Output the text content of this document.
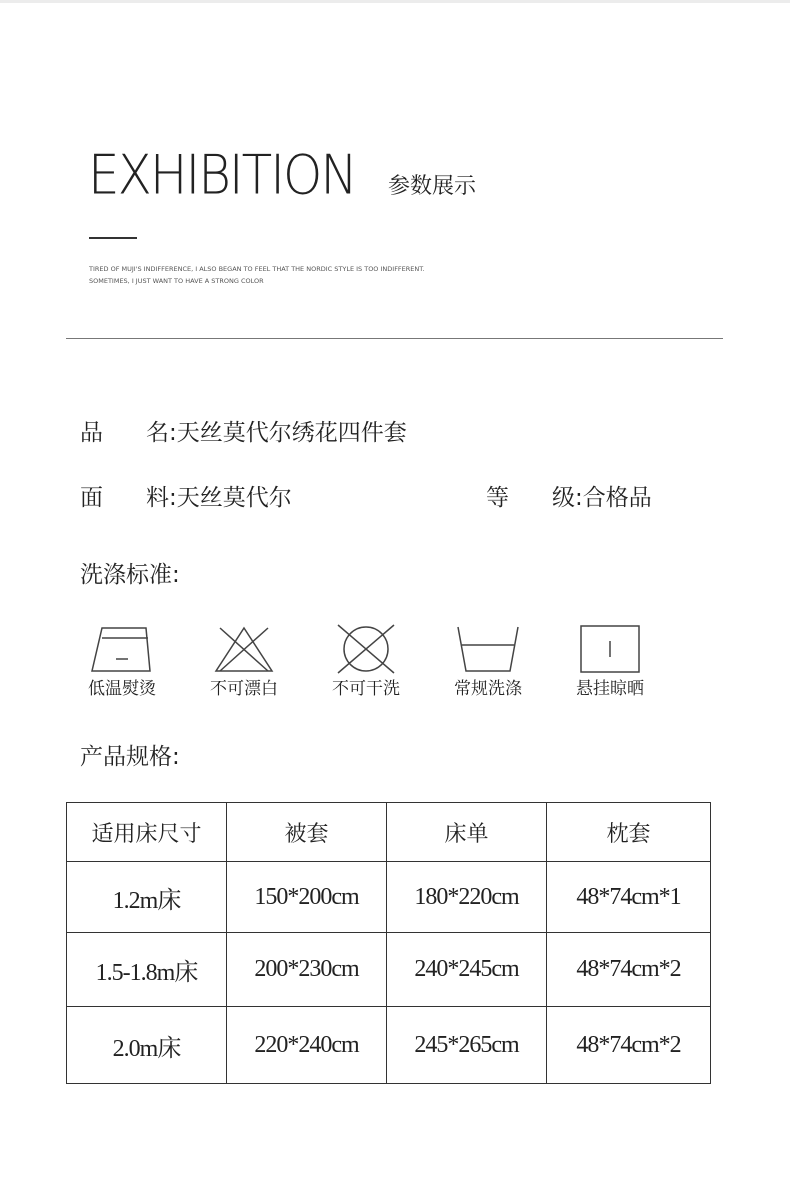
EXHIBITION 参数展示
TIRED OF MUJI'S INDIFFERENCE, I ALSO BEGAN TO FEEL THAT THE NORDIC STYLE IS TOO INDIFFERENT.
SOMETIMES, I JUST WANT TO HAVE A STRONG COLOR
品 名:天丝莫代尔绣花四件套
面 料:天丝莫代尔	等 级:合格品
洗涤标准:
低温熨烫	不可漂白	不可干洗	常规洗涤	悬挂晾晒
产品规格:
适用床尺寸	被套	床单	枕套
1.2m床	150*200cm	180*220cm	48*74cm*1
1.5-1.8m床	200*230cm	240*245cm	48*74cm*2
2.0m床	220*240cm	245*265cm	48*74cm*2
